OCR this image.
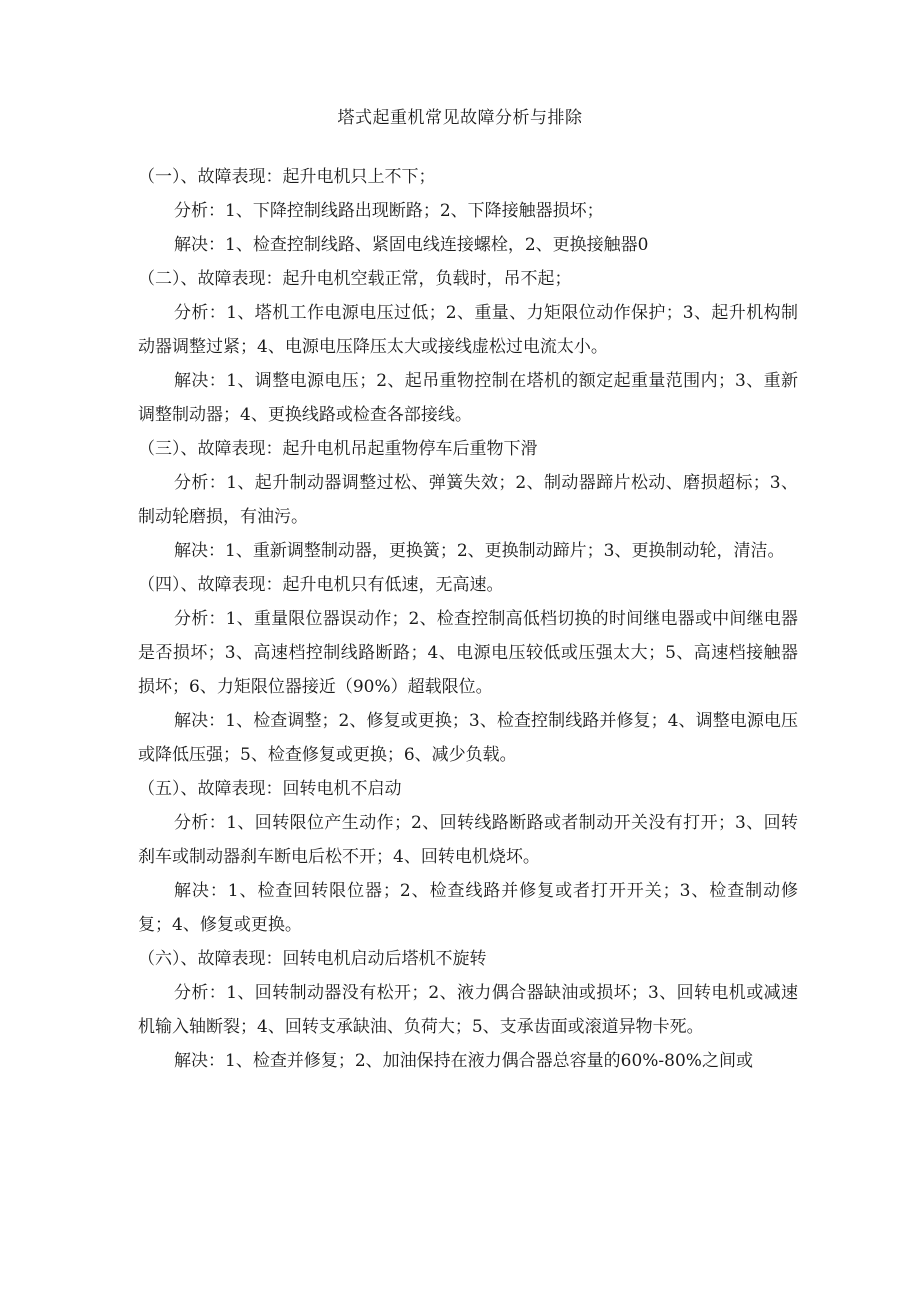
塔式起重机常见故障分析与排除

（一）、故障表现：起升电机只上不下；

分析：1、下降控制线路出现断路；2、下降接触器损坏；

解决：1、检查控制线路、紧固电线连接螺栓，2、更换接触器0

（二）、故障表现：起升电机空载正常，负载时，吊不起；

分析：1、塔机工作电源电压过低；2、重量、力矩限位动作保护；3、起升机构制动器调整过紧；4、电源电压降压太大或接线虚松过电流太小。

解决：1、调整电源电压；2、起吊重物控制在塔机的额定起重量范围内；3、重新调整制动器；4、更换线路或检查各部接线。

（三）、故障表现：起升电机吊起重物停车后重物下滑

分析：1、起升制动器调整过松、弹簧失效；2、制动器蹄片松动、磨损超标；3、制动轮磨损，有油污。

解决：1、重新调整制动器，更换簧；2、更换制动蹄片；3、更换制动轮，清洁。

（四）、故障表现：起升电机只有低速，无高速。

分析：1、重量限位器误动作；2、检查控制高低档切换的时间继电器或中间继电器是否损坏；3、高速档控制线路断路；4、电源电压较低或压强太大；5、高速档接触器损坏；6、力矩限位器接近（90%）超载限位。

解决：1、检查调整；2、修复或更换；3、检查控制线路并修复；4、调整电源电压或降低压强；5、检查修复或更换；6、减少负载。

（五）、故障表现：回转电机不启动

分析：1、回转限位产生动作；2、回转线路断路或者制动开关没有打开；3、回转刹车或制动器刹车断电后松不开；4、回转电机烧坏。

解决：1、检查回转限位器；2、检查线路并修复或者打开开关；3、检查制动修复；4、修复或更换。

（六）、故障表现：回转电机启动后塔机不旋转

分析：1、回转制动器没有松开；2、液力偶合器缺油或损坏；3、回转电机或减速机输入轴断裂；4、回转支承缺油、负荷大；5、支承齿面或滚道异物卡死。

解决：1、检查并修复；2、加油保持在液力偶合器总容量的60%-80%之间或
